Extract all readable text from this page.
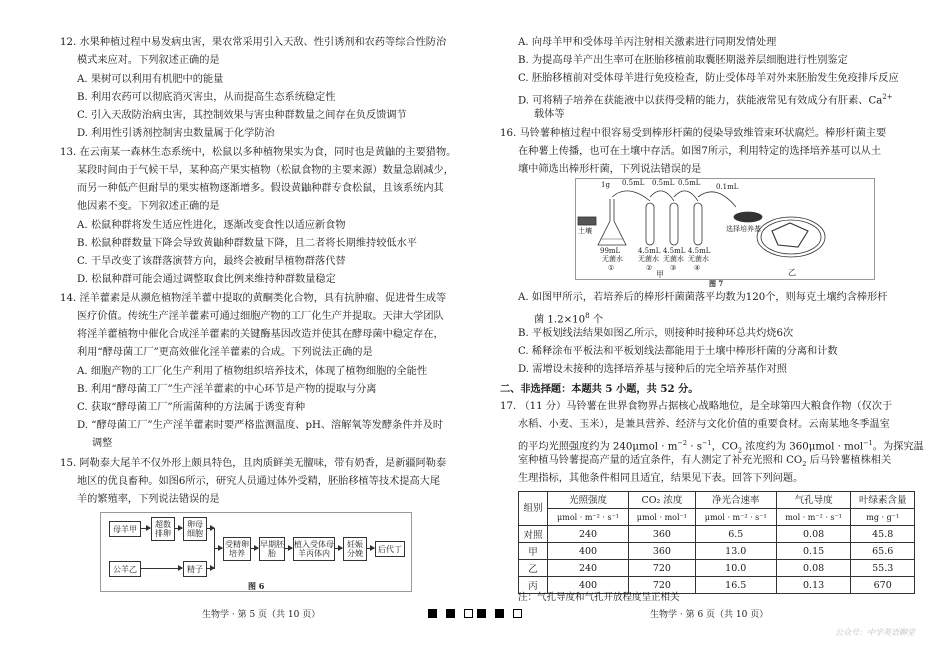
12. 水果种植过程中易发病虫害，果农常采用引入天敌、性引诱剂和农药等综合性防治
模式来应对。下列叙述正确的是
A. 果树可以利用有机肥中的能量
B. 利用农药可以彻底消灭害虫，从而提高生态系统稳定性
C. 引入天敌防治病虫害，其控制效果与害虫种群数量之间存在负反馈调节
D. 利用性引诱剂控制害虫数量属于化学防治
13. 在云南某一森林生态系统中，松鼠以多种植物果实为食，同时也是黄鼬的主要猎物。
某段时间由于气候干旱，某种高产果实植物（松鼠食物的主要来源）数量急剧减少，
而另一种低产但耐旱的果实植物逐渐增多。假设黄鼬种群专食松鼠，且该系统内其
他因素不变。下列叙述正确的是
A. 松鼠种群将发生适应性进化，逐渐改变食性以适应新食物
B. 松鼠种群数量下降会导致黄鼬种群数量下降，且二者将长期维持较低水平
C. 干旱改变了该群落演替方向，最终会被耐旱植物群落代替
D. 松鼠种群可能会通过调整取食比例来维持种群数量稳定
14. 淫羊藿素是从濒危植物淫羊藿中提取的黄酮类化合物，具有抗肿瘤、促进骨生成等
医疗价值。传统生产淫羊藿素可通过细胞产物的工厂化生产并提取。天津大学团队
将淫羊藿植物中催化合成淫羊藿素的关键酶基因改造并使其在酵母菌中稳定存在，
利用“酵母菌工厂”更高效催化淫羊藿素的合成。下列说法正确的是
A. 细胞产物的工厂化生产利用了植物组织培养技术，体现了植物细胞的全能性
B. 利用“酵母菌工厂”生产淫羊藿素的中心环节是产物的提取与分离
C. 获取“酵母菌工厂”所需菌种的方法属于诱变育种
D. “酵母菌工厂”生产淫羊藿素时要严格监测温度、pH、溶解氧等发酵条件并及时
调整
15. 阿勒泰大尾羊不仅外形上颇具特色，且肉质鲜美无膻味，带有奶香，是新疆阿勒泰
地区的优良畜种。如图6所示，研究人员通过体外受精，胚胎移植等技术提高大尾
羊的繁殖率，下列说法错误的是
母羊甲	超数排卵
卵母细胞
公羊乙	精子
受精卵培养
早期胚胎
植入受体母羊丙体内
妊娠分娩	后代丁
图 6
生物学 · 第 5 页（共 10 页）
A. 向母羊甲和受体母羊丙注射相关激素进行同期发情处理
B. 为提高母羊产出生率可在胚胎移植前取囊胚期滋养层细胞进行性别鉴定
C. 胚胎移植前对受体母羊进行免疫检查，防止受体母羊对外来胚胎发生免疫排斥反应
D. 可将精子培养在获能液中以获得受精的能力，获能液常见有效成分有肝素、$Ca^{2+}$
载体等
16. 马铃薯种植过程中很容易受到棒形杆菌的侵染导致维管束环状腐烂。棒形杆菌主要
在种薯上传播，也可在土壤中存活。如图7所示，利用特定的选择培养基可以从土
壤中筛选出棒形杆菌，下列说法错误的是
1g 0.5mL 0.5mL 0.5mL 0.1mL
土壤	选择培养基
99mL	4.5mL 4.5mL 4.5mL
无菌水 无菌水 无菌水 无菌水
①	②	③	④
甲	乙
图 7
A. 如图甲所示，若培养后的棒形杆菌菌落平均数为120个，则每克土壤约含棒形杆
菌 $1.2\times 10^8$ 个
B. 平板划线法结果如图乙所示，则接种时接种环总共灼烧6次
C. 稀释涂布平板法和平板划线法都能用于土壤中棒形杆菌的分离和计数
D. 需增设未接种的选择培养基与接种后的完全培养基作对照
二、非选择题：本题共 5 小题，共 52 分。
17. （11 分）马铃薯在世界食物界占据核心战略地位，是全球第四大粮食作物（仅次于
水稻、小麦、玉米），是兼具营养、经济与文化价值的重要食材。云南某地冬季温室
的平均光照强度约为 $240\mu mol \cdot m^{-2} \cdot s^{-1}$，$CO_2$ 浓度约为 360μmol · mol$^{-1}$。为探究温
室种植马铃薯提高产量的适宜条件，有人测定了补充光照和 $CO_2$ 后马铃薯植株相关
生理指标，其他条件相同且适宜，结果见下表。回答下列问题。
组别	光照强度	CO₂ 浓度	净光合速率	气孔导度	叶绿素含量
	μmol · m⁻² · s⁻¹	μmol · mol⁻¹	μmol · m⁻² · s⁻¹	mol · m⁻² · s⁻¹	mg · g⁻¹
对照	240	360	6.5	0.08	45.8
甲	400	360	13.0	0.15	65.6
乙	240	720	10.0	0.08	55.3
丙	400	720	16.5	0.13	670
注：气孔导度和气孔开放程度呈正相关
生物学 · 第 6 页（共 10 页）
公众号：中学英语聊堂
